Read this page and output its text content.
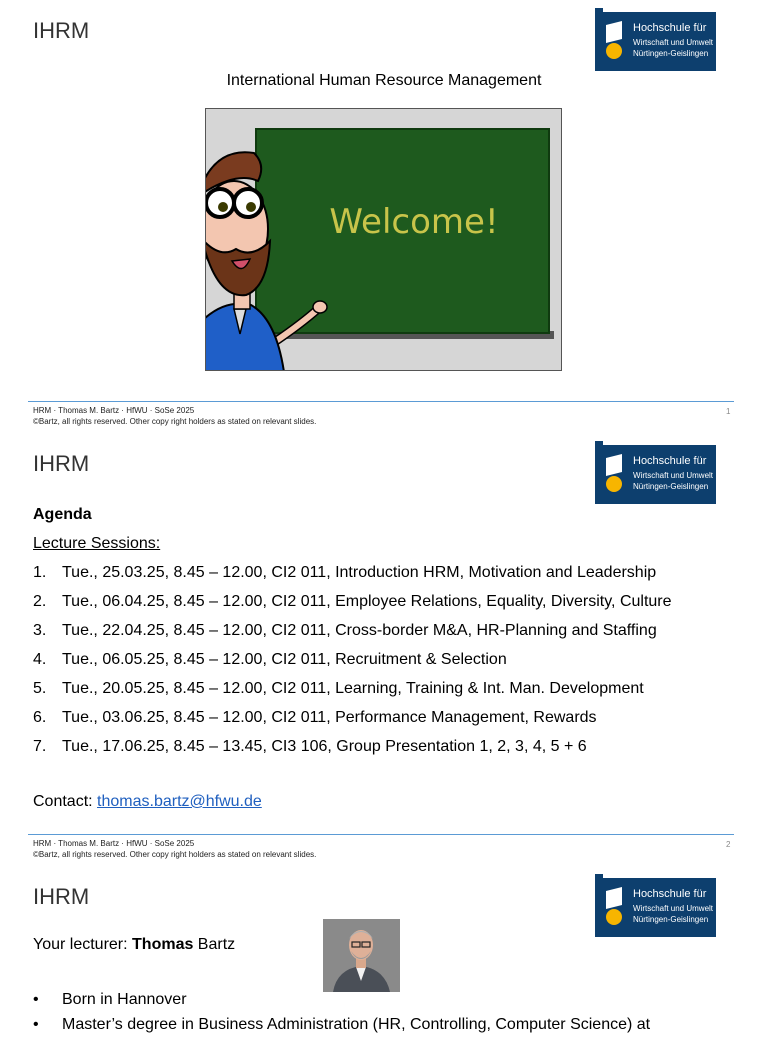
IHRM	Hochschule für
Wirtschaft und Umwelt
Nürtingen-Geislingen
International Human Resource Management
Welcome!
HRM · Thomas M. Bartz · HfWU · SoSe 2025
©Bartz, all rights reserved. Other copy right holders as stated on relevant slides.
1
IHRM	Hochschule für
Wirtschaft und Umwelt
Nürtingen-Geislingen
Agenda
Lecture Sessions:
1. Tue., 25.03.25, 8.45 – 12.00, CI2 011, Introduction HRM, Motivation and Leadership
2. Tue., 06.04.25, 8.45 – 12.00, CI2 011, Employee Relations, Equality, Diversity, Culture
3. Tue., 22.04.25, 8.45 – 12.00, CI2 011, Cross-border M&A, HR-Planning and Staffing
4. Tue., 06.05.25, 8.45 – 12.00, CI2 011, Recruitment & Selection
5. Tue., 20.05.25, 8.45 – 12.00, CI2 011, Learning, Training & Int. Man. Development
6. Tue., 03.06.25, 8.45 – 12.00, CI2 011, Performance Management, Rewards
7. Tue., 17.06.25, 8.45 – 13.45, CI3 106, Group Presentation 1, 2, 3, 4, 5 + 6
Contact: thomas.bartz@hfwu.de
HRM · Thomas M. Bartz · HfWU · SoSe 2025
©Bartz, all rights reserved. Other copy right holders as stated on relevant slides.
2
IHRM	Hochschule für
Wirtschaft und Umwelt
Nürtingen-Geislingen
Your lecturer: Thomas Bartz
• Born in Hannover
• Master’s degree in Business Administration (HR, Controlling, Computer Science) at
